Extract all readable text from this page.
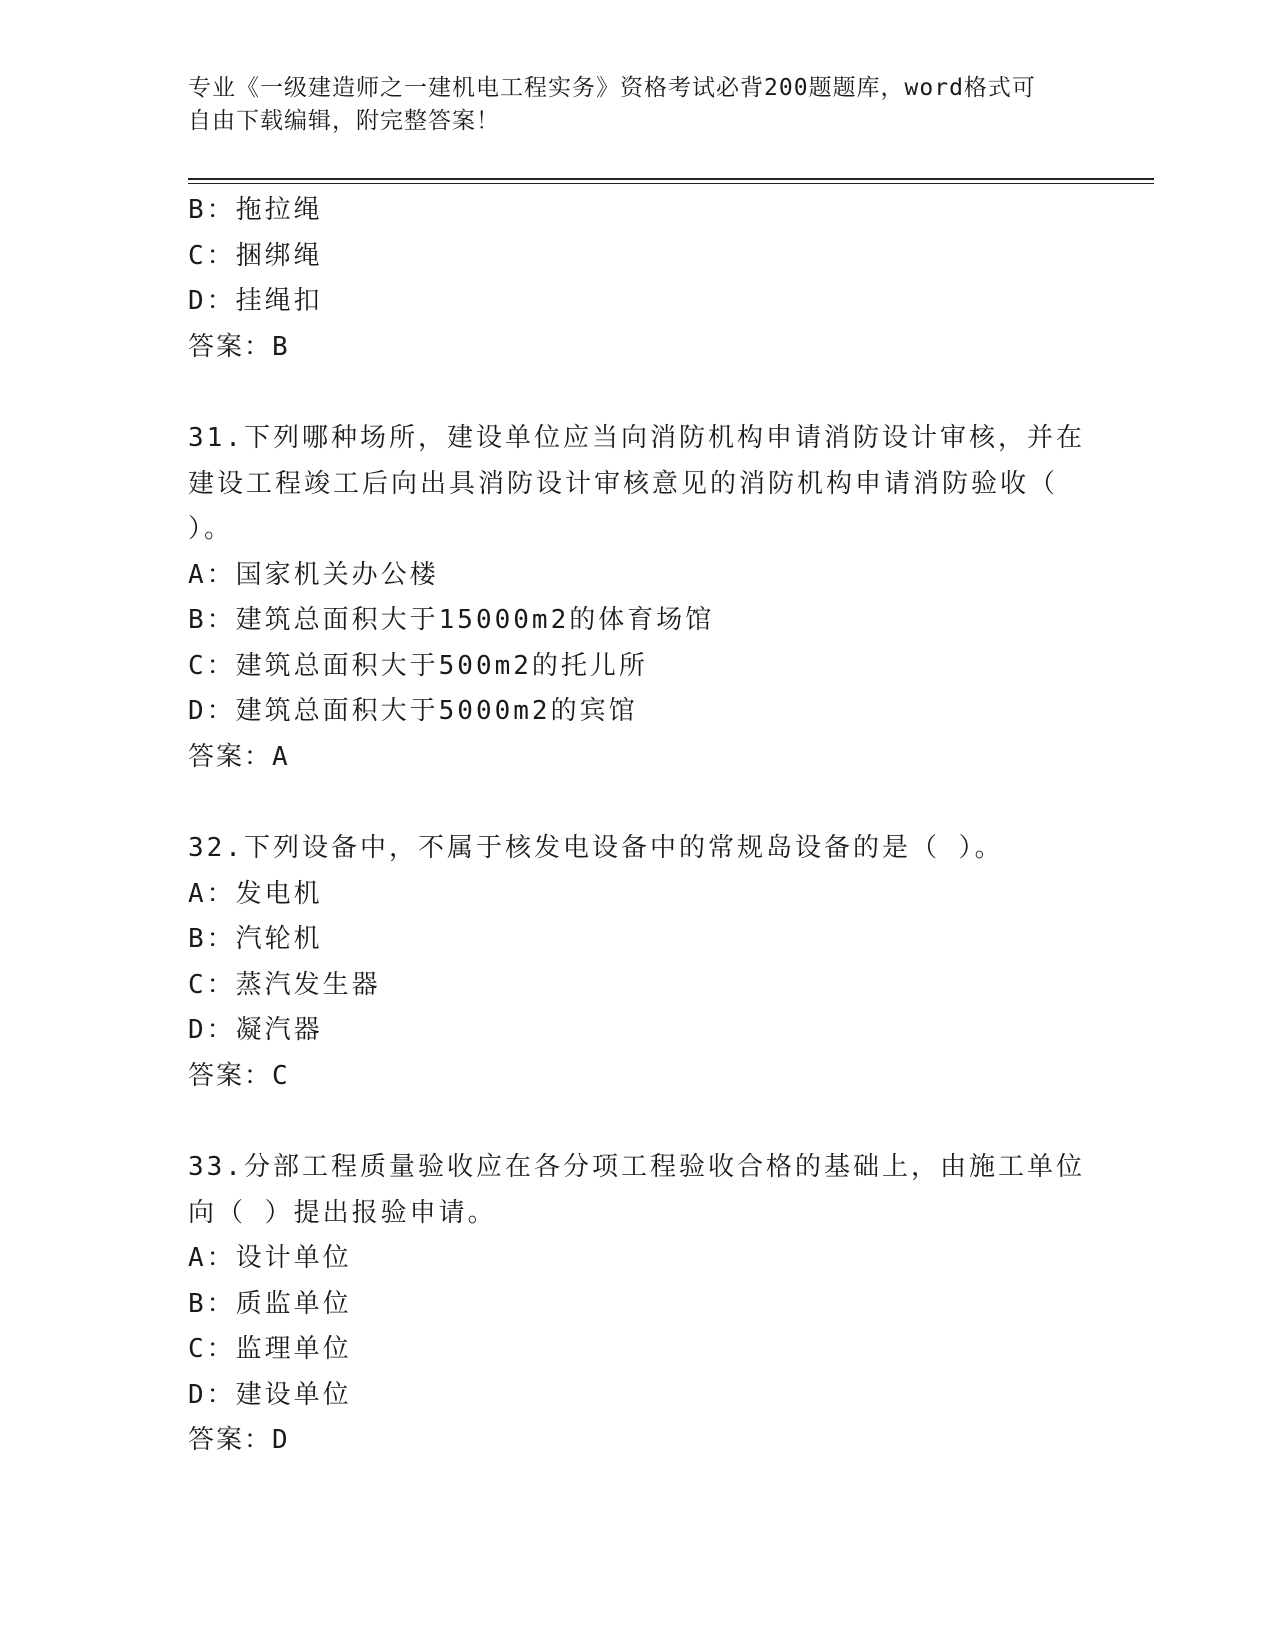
专业《一级建造师之一建机电工程实务》资格考试必背200题题库，word格式可
自由下载编辑，附完整答案！
B：拖拉绳
C：捆绑绳
D：挂绳扣
答案：B
31.下列哪种场所，建设单位应当向消防机构申请消防设计审核，并在
建设工程竣工后向出具消防设计审核意见的消防机构申请消防验收（
）。
A：国家机关办公楼
B：建筑总面积大于15000m2的体育场馆
C：建筑总面积大于500m2的托儿所
D：建筑总面积大于5000m2的宾馆
答案：A
32.下列设备中，不属于核发电设备中的常规岛设备的是（ ）。
A：发电机
B：汽轮机
C：蒸汽发生器
D：凝汽器
答案：C
33.分部工程质量验收应在各分项工程验收合格的基础上，由施工单位
向（ ）提出报验申请。
A：设计单位
B：质监单位
C：监理单位
D：建设单位
答案：D
